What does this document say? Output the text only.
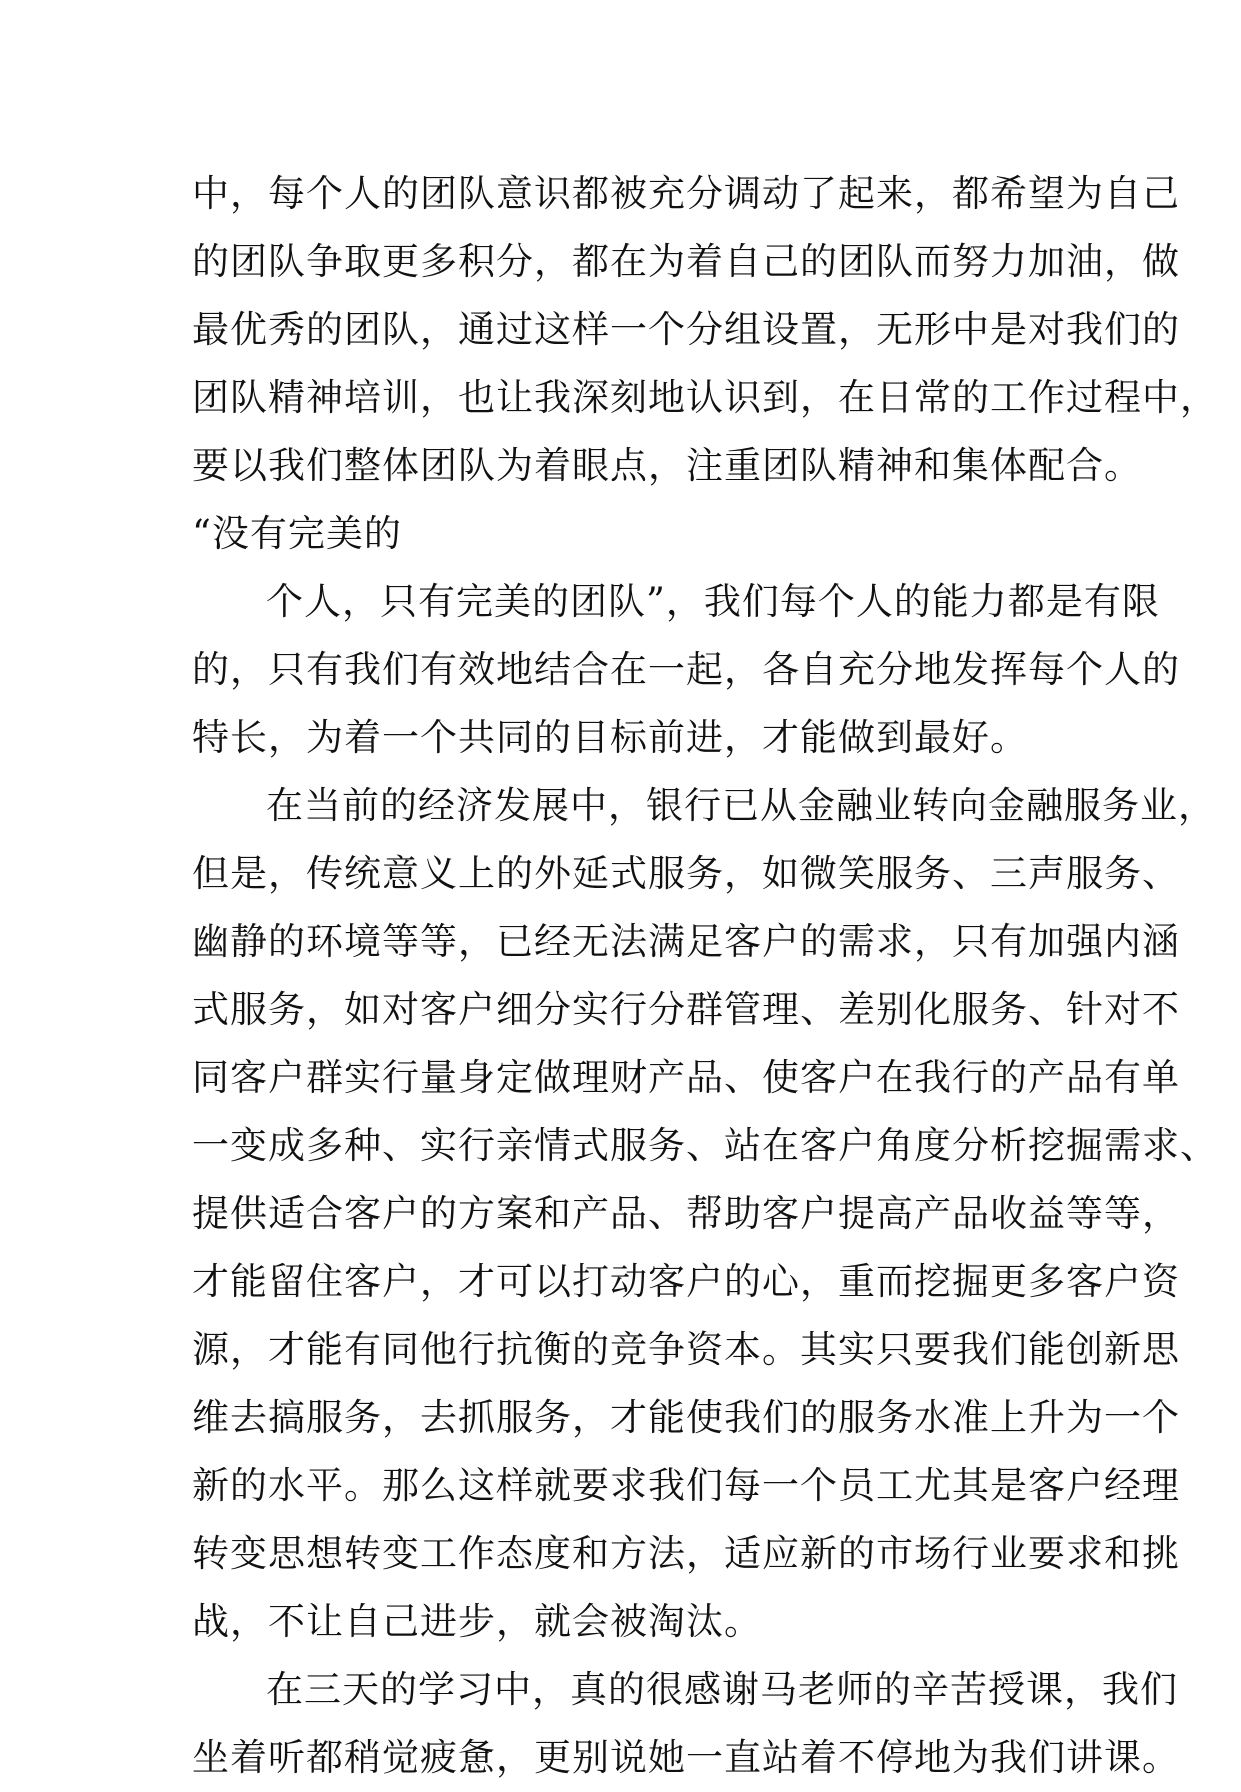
中，每个人的团队意识都被充分调动了起来，都希望为自己
的团队争取更多积分，都在为着自己的团队而努力加油，做
最优秀的团队，通过这样一个分组设置，无形中是对我们的
团队精神培训，也让我深刻地认识到，在日常的工作过程中，
要以我们整体团队为着眼点，注重团队精神和集体配合。
“没有完美的
个人，只有完美的团队”，我们每个人的能力都是有限
的，只有我们有效地结合在一起，各自充分地发挥每个人的
特长，为着一个共同的目标前进，才能做到最好。
在当前的经济发展中，银行已从金融业转向金融服务业，
但是，传统意义上的外延式服务，如微笑服务、三声服务、
幽静的环境等等，已经无法满足客户的需求，只有加强内涵
式服务，如对客户细分实行分群管理、差别化服务、针对不
同客户群实行量身定做理财产品、使客户在我行的产品有单
一变成多种、实行亲情式服务、站在客户角度分析挖掘需求、
提供适合客户的方案和产品、帮助客户提高产品收益等等，
才能留住客户，才可以打动客户的心，重而挖掘更多客户资
源，才能有同他行抗衡的竞争资本。其实只要我们能创新思
维去搞服务，去抓服务，才能使我们的服务水准上升为一个
新的水平。那么这样就要求我们每一个员工尤其是客户经理
转变思想转变工作态度和方法，适应新的市场行业要求和挑
战，不让自己进步，就会被淘汰。
在三天的学习中，真的很感谢马老师的辛苦授课，我们
坐着听都稍觉疲惫，更别说她一直站着不停地为我们讲课。
